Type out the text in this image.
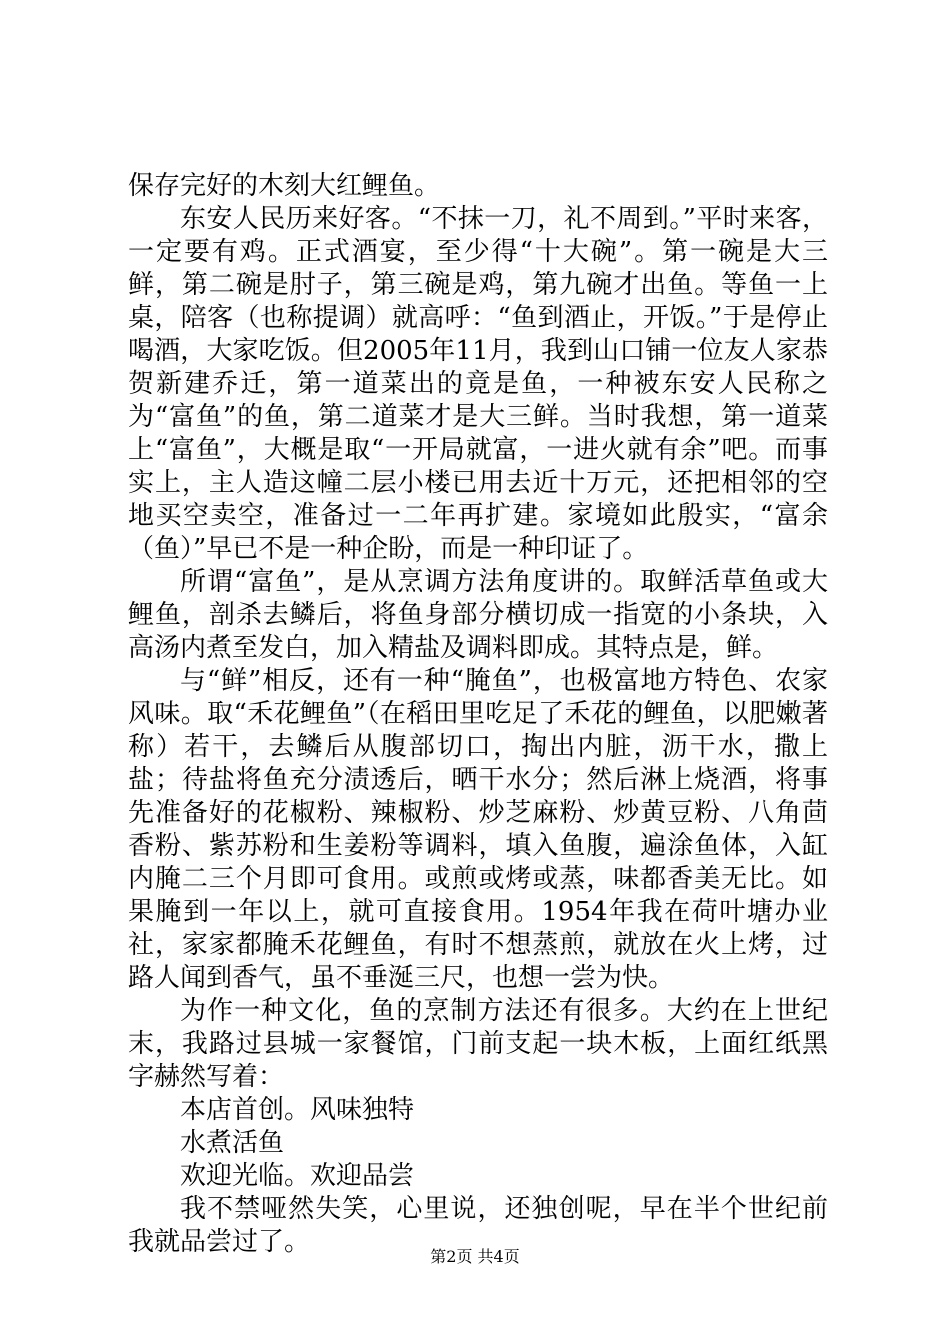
保存完好的木刻大红鲤鱼。

东安人民历来好客。“不抹一刀，礼不周到。”平时来客，一定要有鸡。正式酒宴，至少得“十大碗”。第一碗是大三鲜，第二碗是肘子，第三碗是鸡，第九碗才出鱼。等鱼一上桌，陪客（也称提调）就高呼：“鱼到酒止，开饭。”于是停止喝酒，大家吃饭。但2005年11月，我到山口铺一位友人家恭贺新建乔迁，第一道菜出的竟是鱼，一种被东安人民称之为“富鱼”的鱼，第二道菜才是大三鲜。当时我想，第一道菜上“富鱼”，大概是取“一开局就富，一进火就有余”吧。而事实上，主人造这幢二层小楼已用去近十万元，还把相邻的空地买空卖空，准备过一二年再扩建。家境如此殷实，“富余（鱼）”早已不是一种企盼，而是一种印证了。

所谓“富鱼”，是从烹调方法角度讲的。取鲜活草鱼或大鲤鱼，剖杀去鳞后，将鱼身部分横切成一指宽的小条块，入高汤内煮至发白，加入精盐及调料即成。其特点是，鲜。

与“鲜”相反，还有一种“腌鱼”，也极富地方特色、农家风味。取“禾花鲤鱼”（在稻田里吃足了禾花的鲤鱼，以肥嫩著称）若干，去鳞后从腹部切口，掏出内脏，沥干水，撒上盐；待盐将鱼充分渍透后，晒干水分；然后淋上烧酒，将事先准备好的花椒粉、辣椒粉、炒芝麻粉、炒黄豆粉、八角茴香粉、紫苏粉和生姜粉等调料，填入鱼腹，遍涂鱼体，入缸内腌二三个月即可食用。或煎或烤或蒸，味都香美无比。如果腌到一年以上，就可直接食用。1954年我在荷叶塘办业社，家家都腌禾花鲤鱼，有时不想蒸煎，就放在火上烤，过路人闻到香气，虽不垂涎三尺，也想一尝为快。

为作一种文化，鱼的烹制方法还有很多。大约在上世纪末，我路过县城一家餐馆，门前支起一块木板，上面红纸黑字赫然写着：

本店首创。风味独特

水煮活鱼

欢迎光临。欢迎品尝

我不禁哑然失笑，心里说，还独创呢，早在半个世纪前我就品尝过了。	第2页 共4页
